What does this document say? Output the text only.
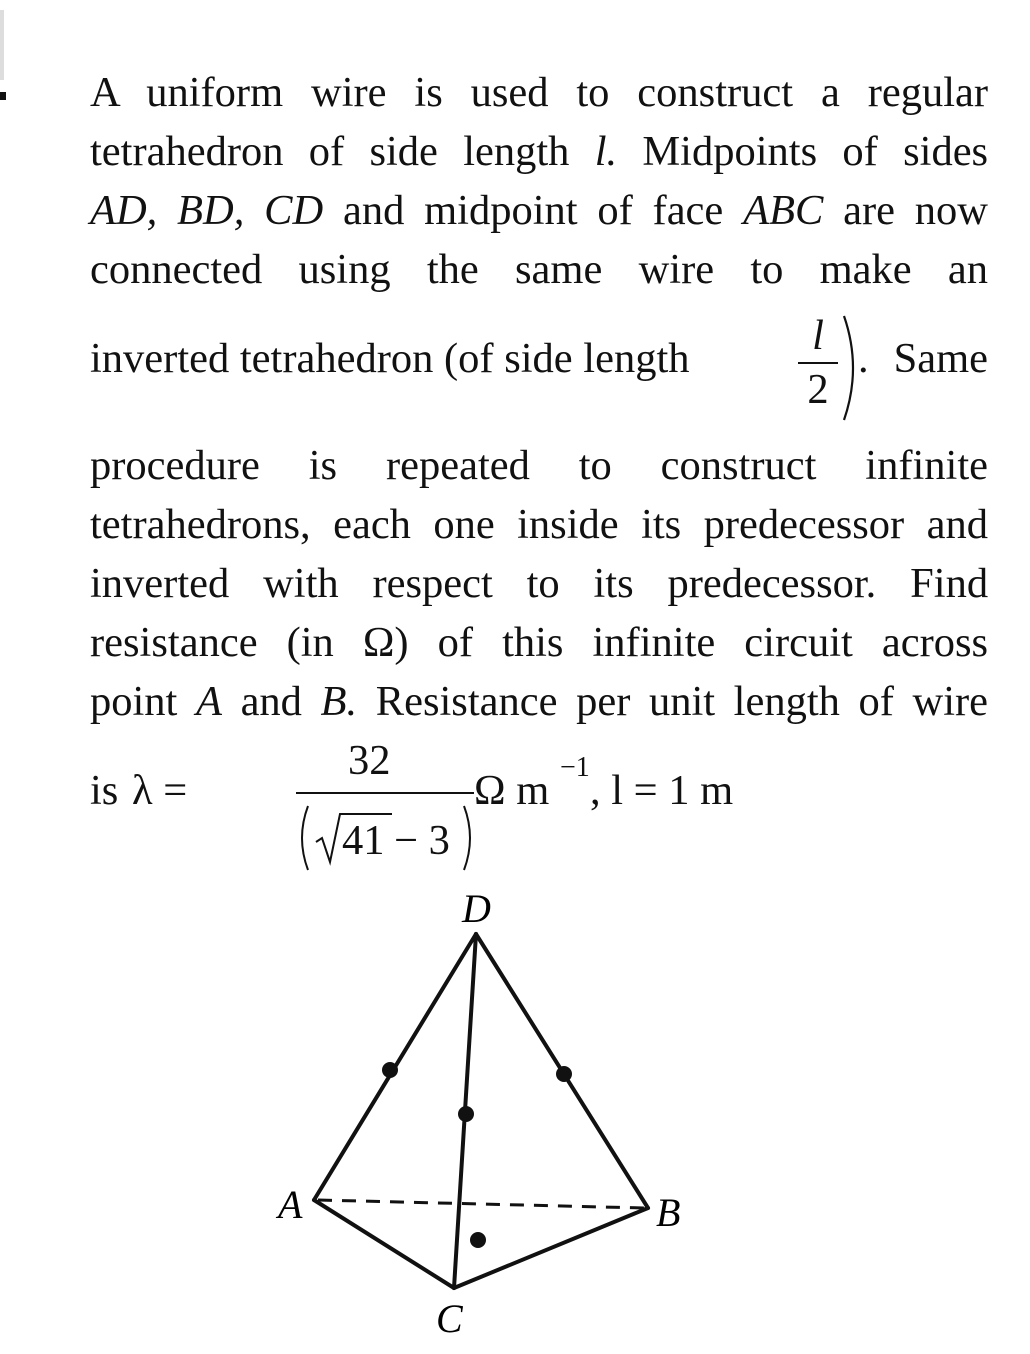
A uniform wire is used to construct a regular
tetrahedron of side length l. Midpoints of sides
AD, BD, CD and midpoint of face ABC are now
connected using the same wire to make an
inverted tetrahedron (of side length	l
2
. Same
procedure is repeated to construct infinite
tetrahedrons, each one inside its predecessor and
inverted with respect to its predecessor. Find
resistance (in Ω) of this infinite circuit across
point A and B. Resistance per unit length of wire
is λ =
32
41 − 3
Ω m −1 , l = 1 m
D
A	B
C
